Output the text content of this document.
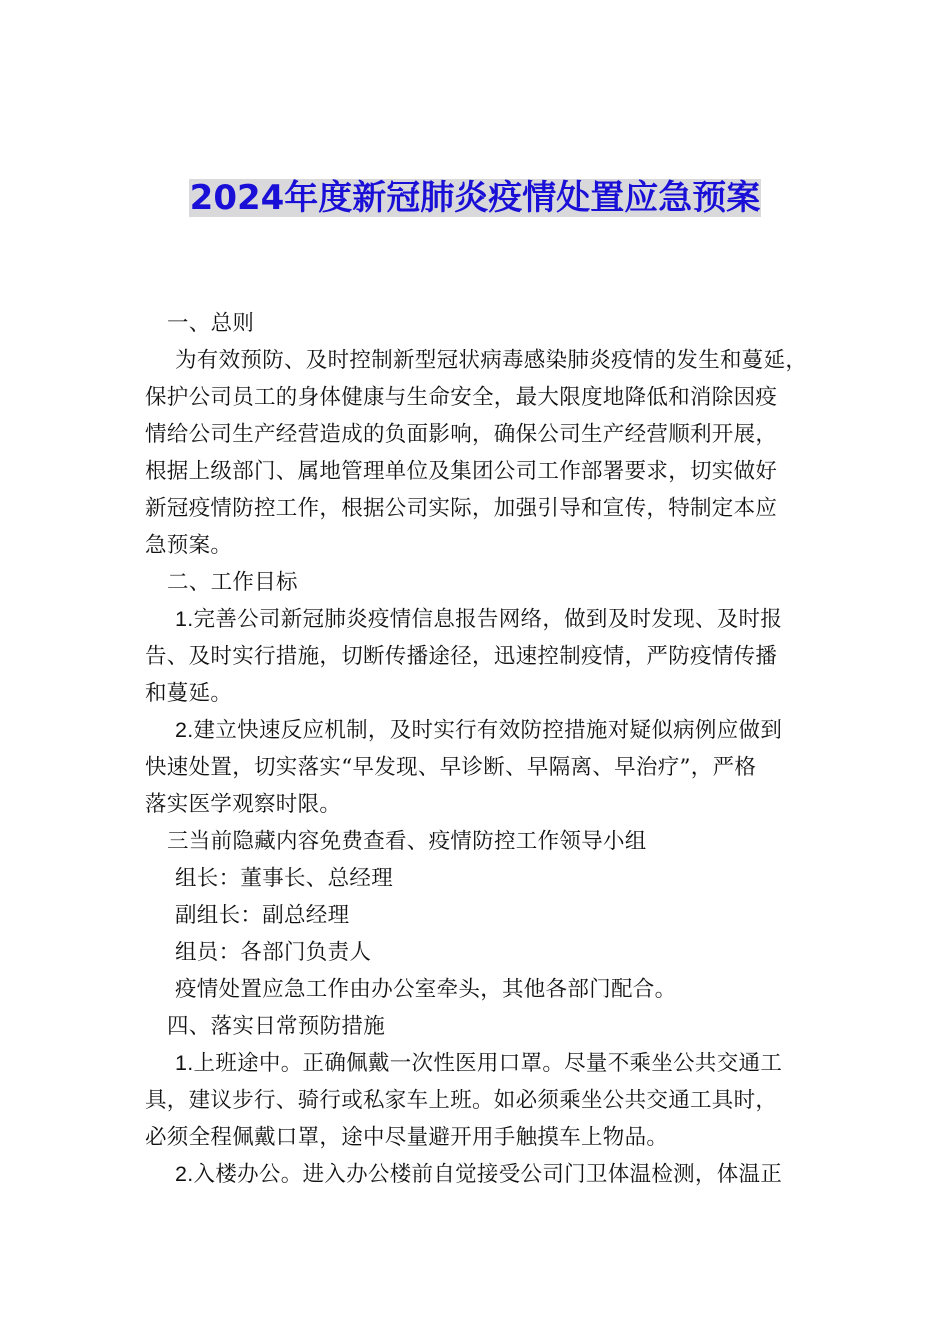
2024年度新冠肺炎疫情处置应急预案
一、总则
为有效预防、及时控制新型冠状病毒感染肺炎疫情的发生和蔓延，
保护公司员工的身体健康与生命安全，最大限度地降低和消除因疫
情给公司生产经营造成的负面影响，确保公司生产经营顺利开展，
根据上级部门、属地管理单位及集团公司工作部署要求，切实做好
新冠疫情防控工作，根据公司实际，加强引导和宣传，特制定本应
急预案。
二、工作目标
1.完善公司新冠肺炎疫情信息报告网络，做到及时发现、及时报
告、及时实行措施，切断传播途径，迅速控制疫情，严防疫情传播
和蔓延。
2.建立快速反应机制，及时实行有效防控措施对疑似病例应做到
快速处置，切实落实“早发现、早诊断、早隔离、早治疗”，严格
落实医学观察时限。
三当前隐藏内容免费查看、疫情防控工作领导小组
组长：董事长、总经理
副组长：副总经理
组员：各部门负责人
疫情处置应急工作由办公室牵头，其他各部门配合。
四、落实日常预防措施
1.上班途中。正确佩戴一次性医用口罩。尽量不乘坐公共交通工
具，建议步行、骑行或私家车上班。如必须乘坐公共交通工具时，
必须全程佩戴口罩，途中尽量避开用手触摸车上物品。
2.入楼办公。进入办公楼前自觉接受公司门卫体温检测，体温正
